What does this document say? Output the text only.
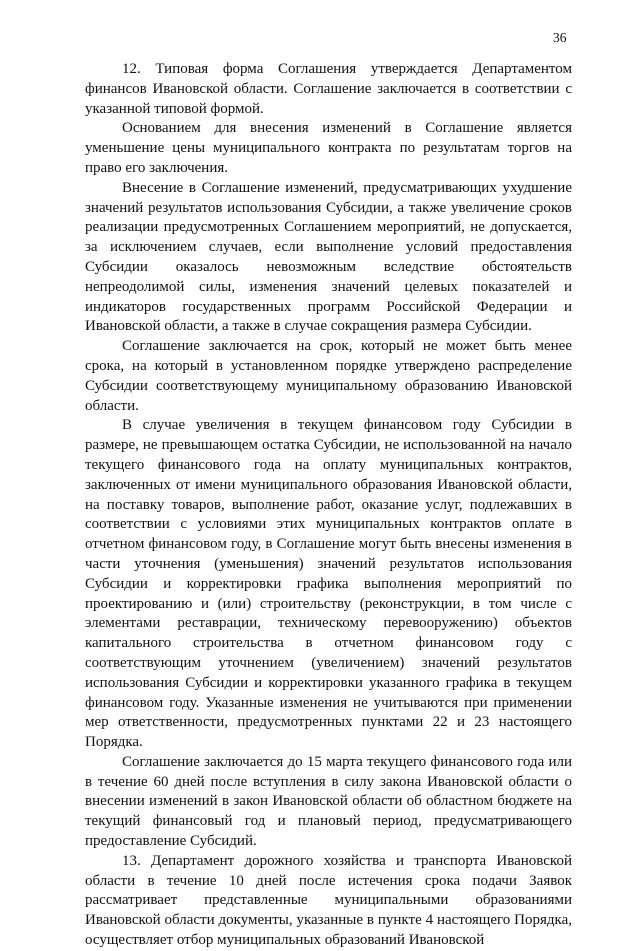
36

12. Типовая форма Соглашения утверждается Департаментом финансов Ивановской области. Соглашение заключается в соответствии с указанной типовой формой.

Основанием для внесения изменений в Соглашение является уменьшение цены муниципального контракта по результатам торгов на право его заключения.

Внесение в Соглашение изменений, предусматривающих ухудшение значений результатов использования Субсидии, а также увеличение сроков реализации предусмотренных Соглашением мероприятий, не допускается, за исключением случаев, если выполнение условий предоставления Субсидии оказалось невозможным вследствие обстоятельств непреодолимой силы, изменения значений целевых показателей и индикаторов государственных программ Российской Федерации и Ивановской области, а также в случае сокращения размера Субсидии.

Соглашение заключается на срок, который не может быть менее срока, на который в установленном порядке утверждено распределение Субсидии соответствующему муниципальному образованию Ивановской области.

В случае увеличения в текущем финансовом году Субсидии в размере, не превышающем остатка Субсидии, не использованной на начало текущего финансового года на оплату муниципальных контрактов, заключенных от имени муниципального образования Ивановской области, на поставку товаров, выполнение работ, оказание услуг, подлежавших в соответствии с условиями этих муниципальных контрактов оплате в отчетном финансовом году, в Соглашение могут быть внесены изменения в части уточнения (уменьшения) значений результатов использования Субсидии и корректировки графика выполнения мероприятий по проектированию и (или) строительству (реконструкции, в том числе с элементами реставрации, техническому перевооружению) объектов капитального строительства в отчетном финансовом году с соответствующим уточнением (увеличением) значений результатов использования Субсидии и корректировки указанного графика в текущем финансовом году. Указанные изменения не учитываются при применении мер ответственности, предусмотренных пунктами 22 и 23 настоящего Порядка.

Соглашение заключается до 15 марта текущего финансового года или в течение 60 дней после вступления в силу закона Ивановской области о внесении изменений в закон Ивановской области об областном бюджете на текущий финансовый год и плановый период, предусматривающего предоставление Субсидий.

13. Департамент дорожного хозяйства и транспорта Ивановской области в течение 10 дней после истечения срока подачи Заявок рассматривает представленные муниципальными образованиями Ивановской области документы, указанные в пункте 4 настоящего Порядка, осуществляет отбор муниципальных образований Ивановской
